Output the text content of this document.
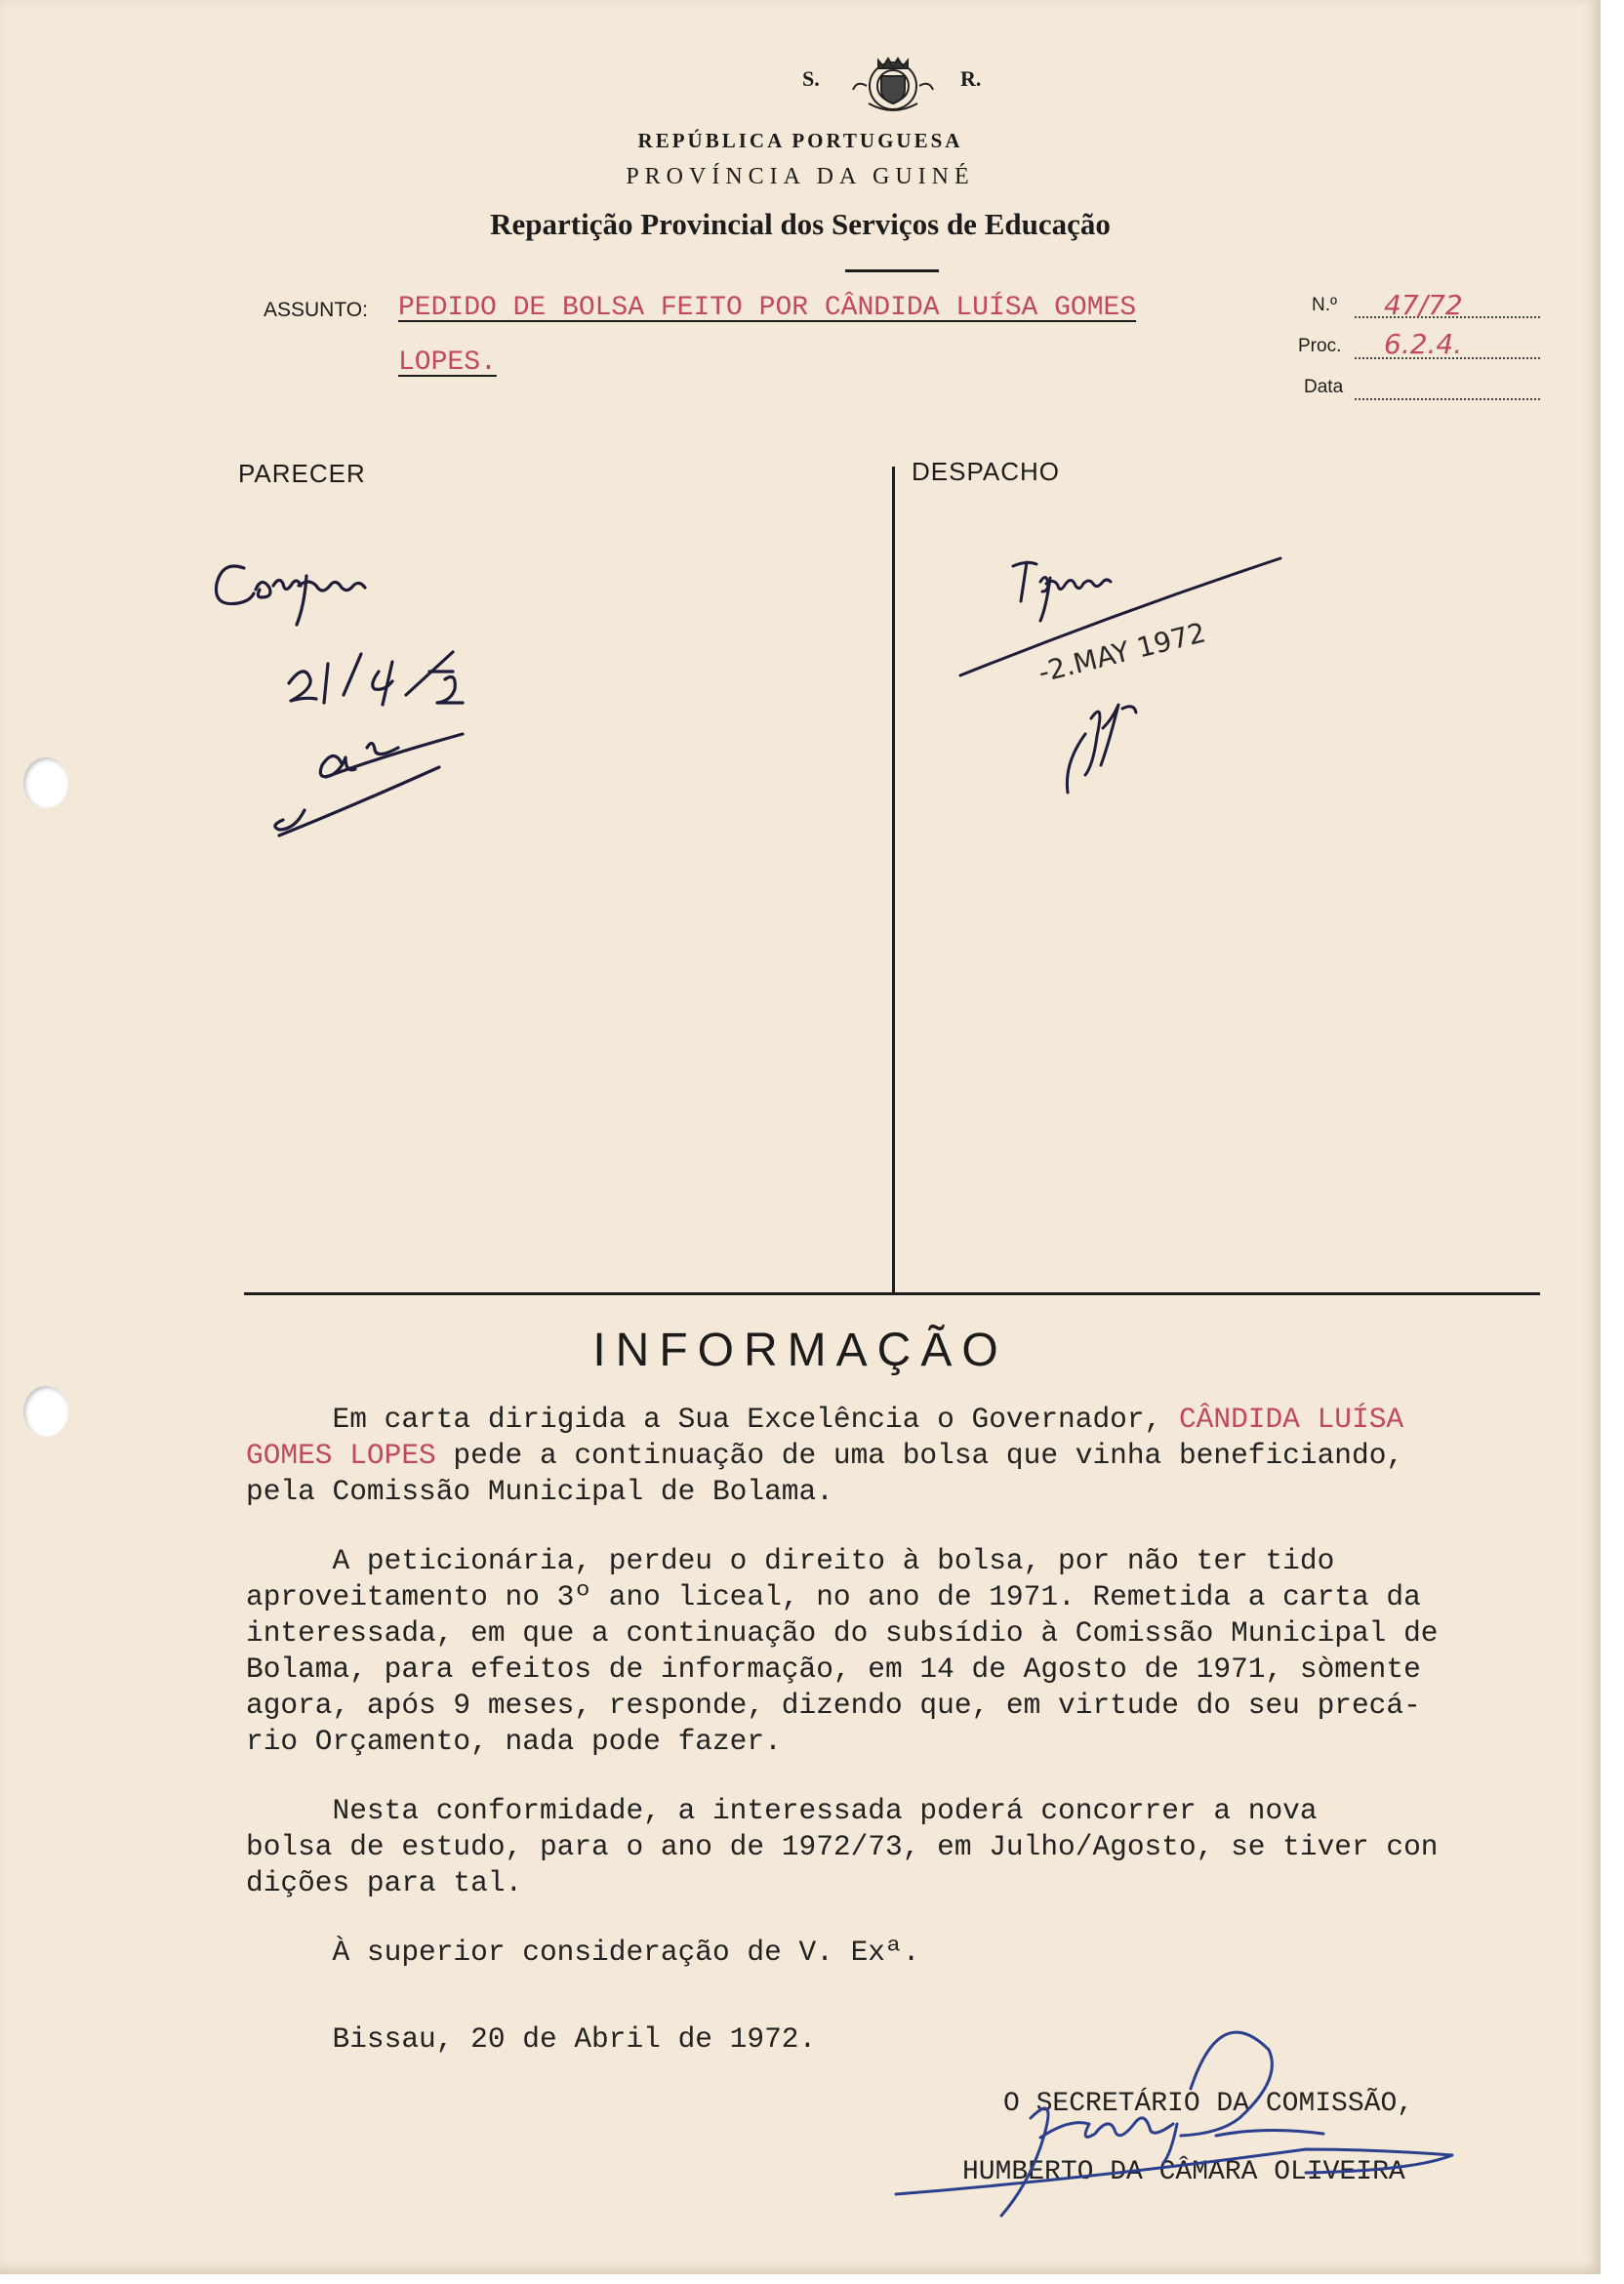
S.	R.
REPÚBLICA PORTUGUESA
PROVÍNCIA DA GUINÉ
Repartição Provincial dos Serviços de Educação
ASSUNTO: PEDIDO DE BOLSA FEITO POR CÂNDIDA LUÍSA GOMES
LOPES.
N.º 47/72
Proc. 6.2.4.
Data
PARECER	DESPACHO
-2.MAY 1972
INFORMAÇÃO

Em carta dirigida a Sua Excelência o Governador, CÂNDIDA LUÍSA
GOMES LOPES pede a continuação de uma bolsa que vinha beneficiando,
pela Comissão Municipal de Bolama.

A peticionária, perdeu o direito à bolsa, por não ter tido
aproveitamento no 3º ano liceal, no ano de 1971. Remetida a carta da
interessada, em que a continuação do subsídio à Comissão Municipal de
Bolama, para efeitos de informação, em 14 de Agosto de 1971, sòmente
agora, após 9 meses, responde, dizendo que, em virtude do seu precá-
rio Orçamento, nada pode fazer.

Nesta conformidade, a interessada poderá concorrer a nova
bolsa de estudo, para o ano de 1972/73, em Julho/Agosto, se tiver con
dições para tal.

À superior consideração de V. Exª.

Bissau, 20 de Abril de 1972.

O SECRETÁRIO DA COMISSÃO,
HUMBERTO DA CÂMARA OLIVEIRA
